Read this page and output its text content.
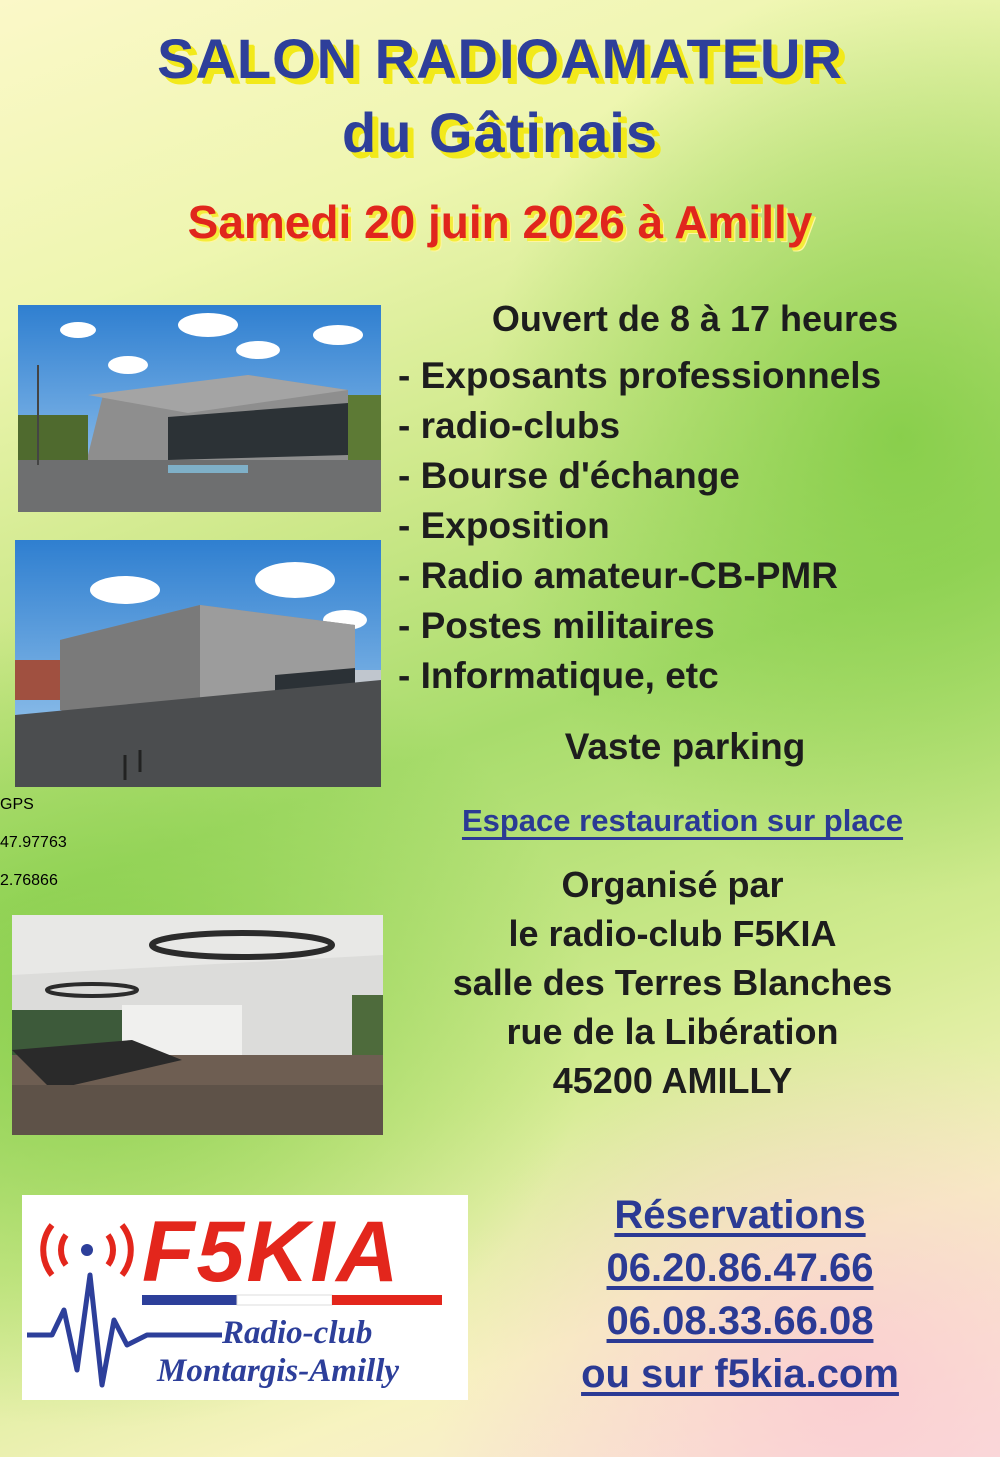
SALON RADIOAMATEUR
du Gâtinais
Samedi 20 juin 2026 à Amilly
GPS
47.97763
2.76866
Ouvert de 8 à 17 heures
- Exposants professionnels
- radio-clubs
- Bourse d'échange
- Exposition
- Radio amateur-CB-PMR
- Postes militaires
- Informatique, etc
Vaste parking
Espace restauration sur place
Organisé par
le radio-club F5KIA
salle des Terres Blanches
rue de la Libération
45200 AMILLY
F5KIA
Radio-club
Montargis-Amilly
Réservations
06.20.86.47.66
06.08.33.66.08
ou sur f5kia.com
